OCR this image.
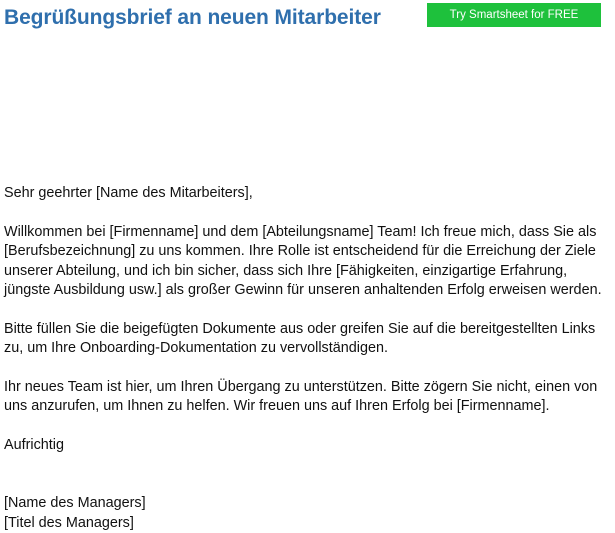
Begrüßungsbrief an neuen Mitarbeiter	Try Smartsheet for FREE

Sehr geehrter [Name des Mitarbeiters],

Willkommen bei [Firmenname] und dem [Abteilungsname] Team! Ich freue mich, dass Sie als [Berufsbezeichnung] zu uns kommen. Ihre Rolle ist entscheidend für die Erreichung der Ziele unserer Abteilung, und ich bin sicher, dass sich Ihre [Fähigkeiten, einzigartige Erfahrung, jüngste Ausbildung usw.] als großer Gewinn für unseren anhaltenden Erfolg erweisen werden.

Bitte füllen Sie die beigefügten Dokumente aus oder greifen Sie auf die bereitgestellten Links zu, um Ihre Onboarding-Dokumentation zu vervollständigen.

Ihr neues Team ist hier, um Ihren Übergang zu unterstützen. Bitte zögern Sie nicht, einen von uns anzurufen, um Ihnen zu helfen. Wir freuen uns auf Ihren Erfolg bei [Firmenname].

Aufrichtig

[Name des Managers]

[Titel des Managers]
